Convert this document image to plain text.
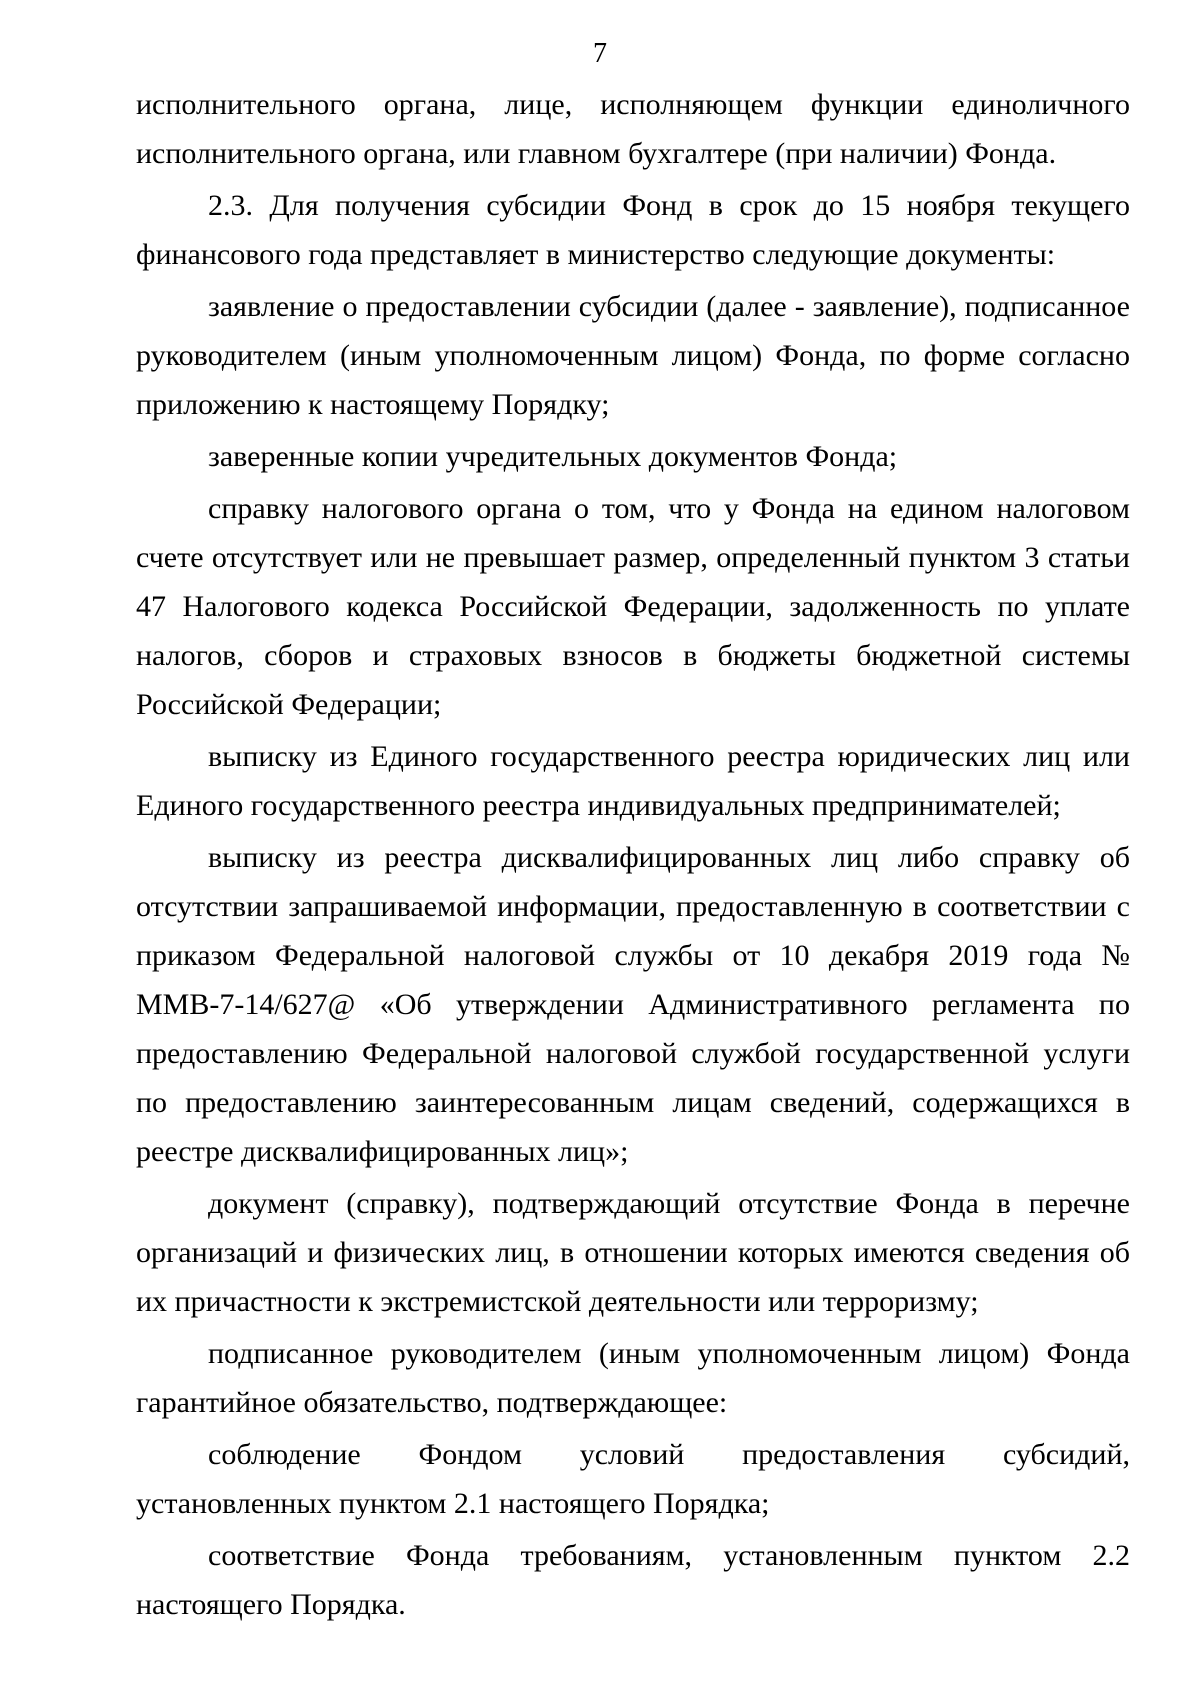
7

исполнительного органа, лице, исполняющем функции единоличного исполнительного органа, или главном бухгалтере (при наличии) Фонда.

2.3. Для получения субсидии Фонд в срок до 15 ноября текущего финансового года представляет в министерство следующие документы:

заявление о предоставлении субсидии (далее - заявление), подписанное руководителем (иным уполномоченным лицом) Фонда, по форме согласно приложению к настоящему Порядку;

заверенные копии учредительных документов Фонда;

справку налогового органа о том, что у Фонда на едином налоговом счете отсутствует или не превышает размер, определенный пунктом 3 статьи 47 Налогового кодекса Российской Федерации, задолженность по уплате налогов, сборов и страховых взносов в бюджеты бюджетной системы Российской Федерации;

выписку из Единого государственного реестра юридических лиц или Единого государственного реестра индивидуальных предпринимателей;

выписку из реестра дисквалифицированных лиц либо справку об отсутствии запрашиваемой информации, предоставленную в соответствии с приказом Федеральной налоговой службы от 10 декабря 2019 года № ММВ-7-14/627@ «Об утверждении Административного регламента по предоставлению Федеральной налоговой службой государственной услуги по предоставлению заинтересованным лицам сведений, содержащихся в реестре дисквалифицированных лиц»;

документ (справку), подтверждающий отсутствие Фонда в перечне организаций и физических лиц, в отношении которых имеются сведения об их причастности к экстремистской деятельности или терроризму;

подписанное руководителем (иным уполномоченным лицом) Фонда гарантийное обязательство, подтверждающее:

соблюдение Фондом условий предоставления субсидий, установленных пунктом 2.1 настоящего Порядка;

соответствие Фонда требованиям, установленным пунктом 2.2 настоящего Порядка.
